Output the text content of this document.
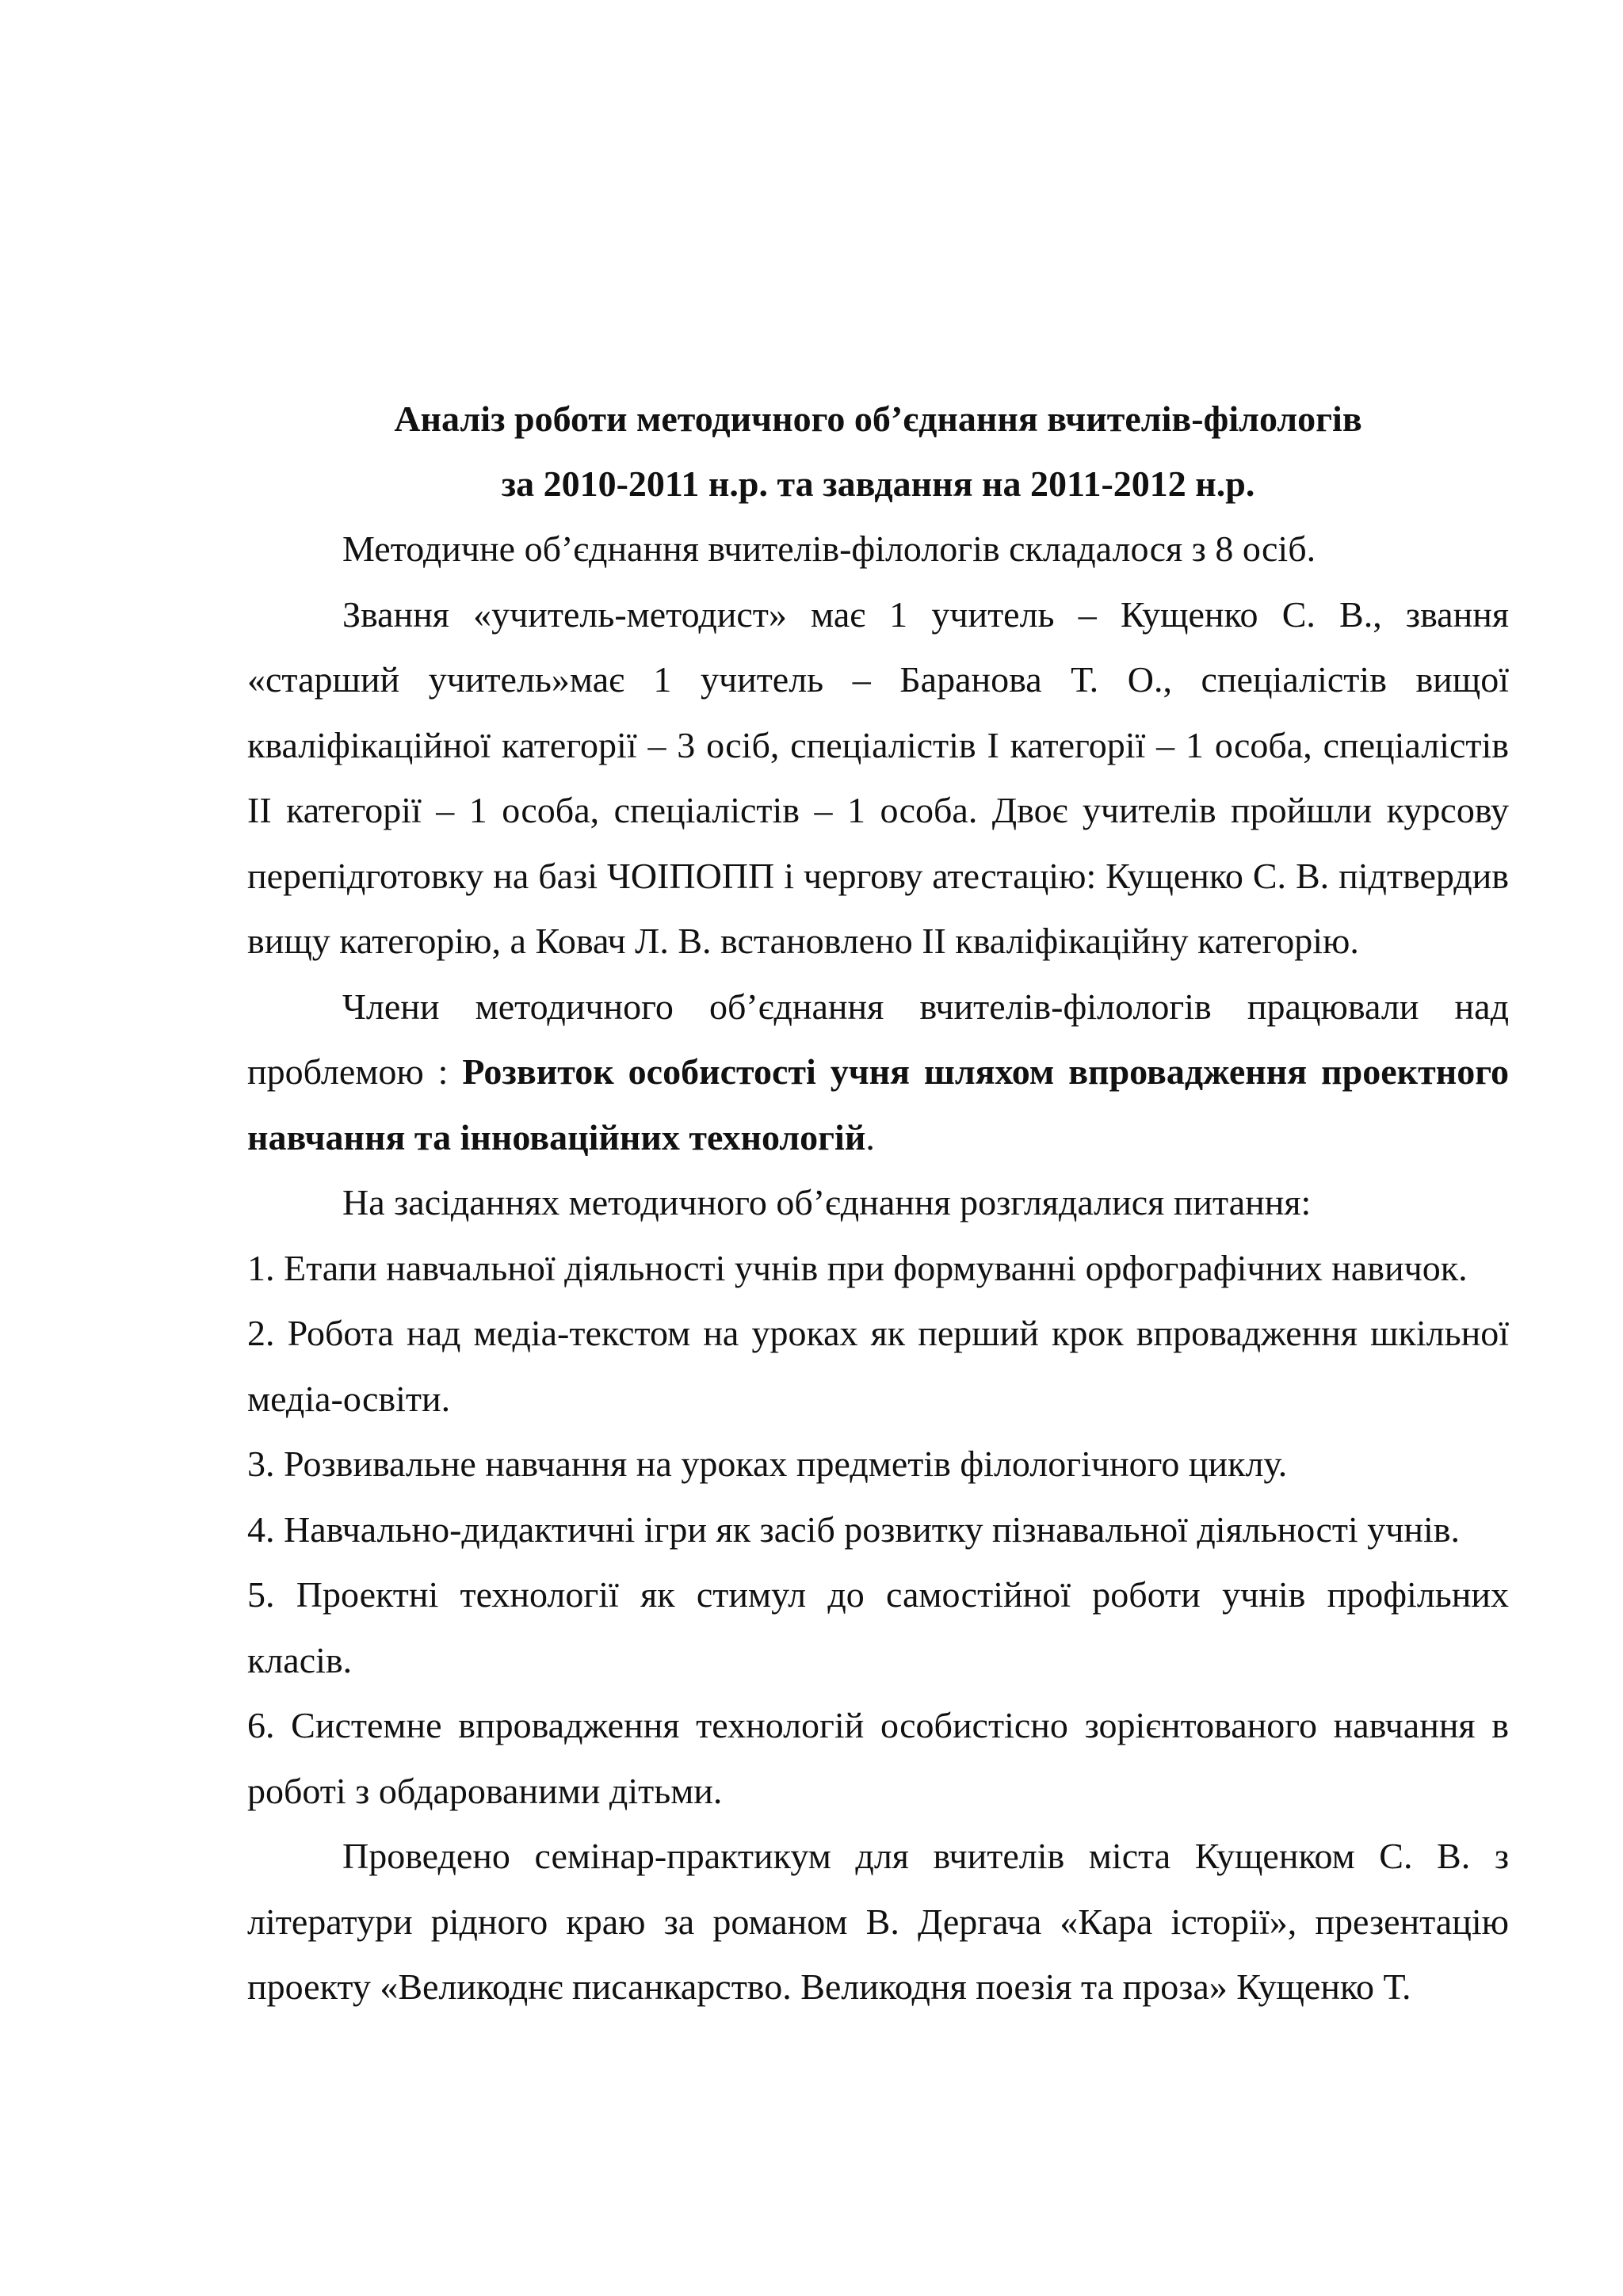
Аналіз роботи методичного об’єднання вчителів-філологів

за 2010-2011 н.р. та завдання на 2011-2012 н.р.

Методичне об’єднання вчителів-філологів складалося з 8 осіб.

Звання «учитель-методист» має 1 учитель – Кущенко С. В., звання «старший учитель»має 1 учитель – Баранова Т. О., спеціалістів вищої кваліфікаційної категорії – 3 осіб, спеціалістів І категорії – 1 особа, спеціалістів ІІ категорії – 1 особа, спеціалістів – 1 особа. Двоє учителів пройшли курсову перепідготовку на базі ЧОІПОПП і чергову атестацію: Кущенко С. В. підтвердив вищу категорію, а Ковач Л. В. встановлено ІІ кваліфікаційну категорію.

Члени методичного об’єднання вчителів-філологів працювали над проблемою : Розвиток особистості учня шляхом впровадження проектного навчання та інноваційних технологій.

На засіданнях методичного об’єднання розглядалися питання:

1. Етапи навчальної діяльності учнів при формуванні орфографічних навичок.

2. Робота над медіа-текстом на уроках як перший крок впровадження шкільної медіа-освіти.

3. Розвивальне навчання на уроках предметів філологічного циклу.

4. Навчально-дидактичні ігри як засіб розвитку пізнавальної діяльності учнів.

5. Проектні технології як стимул до самостійної роботи учнів профільних класів.

6. Системне впровадження технологій особистісно зорієнтованого навчання в роботі з обдарованими дітьми.

Проведено семінар-практикум для вчителів міста Кущенком С. В. з літератури рідного краю за романом В. Дергача «Кара історії», презентацію проекту «Великоднє писанкарство. Великодня поезія та проза» Кущенко Т.
